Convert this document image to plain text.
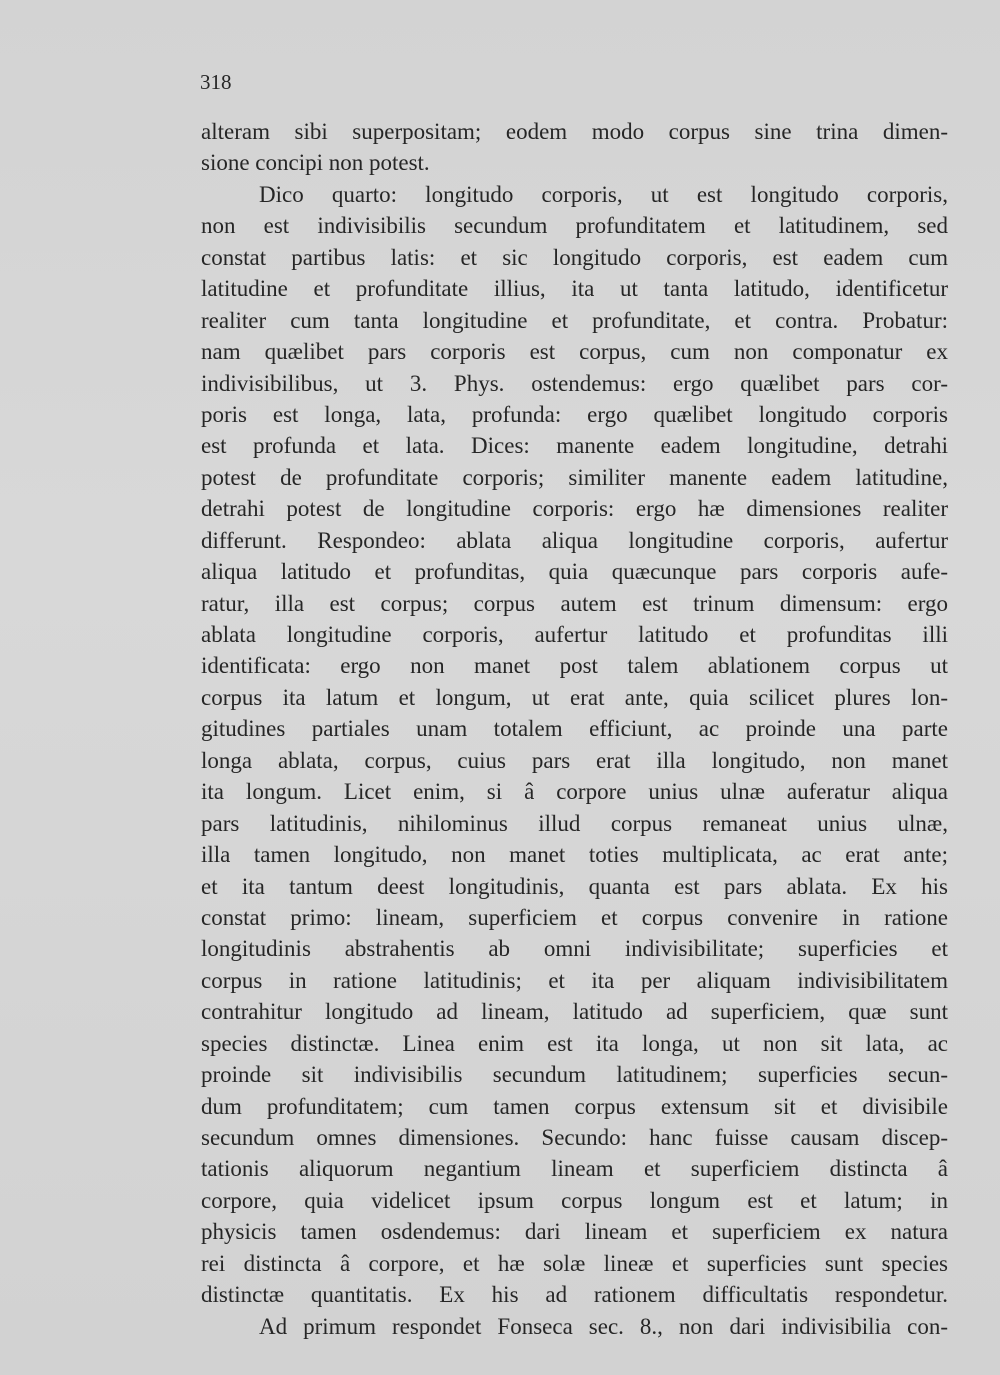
318
alteram sibi superpositam; eodem modo corpus sine trina dimen-
sione concipi non potest.
Dico quarto: longitudo corporis, ut est longitudo corporis,
non est indivisibilis secundum profunditatem et latitudinem, sed
constat partibus latis: et sic longitudo corporis, est eadem cum
latitudine et profunditate illius, ita ut tanta latitudo, identificetur
realiter cum tanta longitudine et profunditate, et contra. Probatur:
nam quælibet pars corporis est corpus, cum non componatur ex
indivisibilibus, ut 3. Phys. ostendemus: ergo quælibet pars cor-
poris est longa, lata, profunda: ergo quælibet longitudo corporis
est profunda et lata. Dices: manente eadem longitudine, detrahi
potest de profunditate corporis; similiter manente eadem latitudine,
detrahi potest de longitudine corporis: ergo hæ dimensiones realiter
differunt. Respondeo: ablata aliqua longitudine corporis, aufertur
aliqua latitudo et profunditas, quia quæcunque pars corporis aufe-
ratur, illa est corpus; corpus autem est trinum dimensum: ergo
ablata longitudine corporis, aufertur latitudo et profunditas illi
identificata: ergo non manet post talem ablationem corpus ut
corpus ita latum et longum, ut erat ante, quia scilicet plures lon-
gitudines partiales unam totalem efficiunt, ac proinde una parte
longa ablata, corpus, cuius pars erat illa longitudo, non manet
ita longum. Licet enim, si â corpore unius ulnæ auferatur aliqua
pars latitudinis, nihilominus illud corpus remaneat unius ulnæ,
illa tamen longitudo, non manet toties multiplicata, ac erat ante;
et ita tantum deest longitudinis, quanta est pars ablata. Ex his
constat primo: lineam, superficiem et corpus convenire in ratione
longitudinis abstrahentis ab omni indivisibilitate; superficies et
corpus in ratione latitudinis; et ita per aliquam indivisibilitatem
contrahitur longitudo ad lineam, latitudo ad superficiem, quæ sunt
species distinctæ. Linea enim est ita longa, ut non sit lata, ac
proinde sit indivisibilis secundum latitudinem; superficies secun-
dum profunditatem; cum tamen corpus extensum sit et divisibile
secundum omnes dimensiones. Secundo: hanc fuisse causam discep-
tationis aliquorum negantium lineam et superficiem distincta â
corpore, quia videlicet ipsum corpus longum est et latum; in
physicis tamen osdendemus: dari lineam et superficiem ex natura
rei distincta â corpore, et hæ solæ lineæ et superficies sunt species
distinctæ quantitatis. Ex his ad rationem difficultatis respondetur.
Ad primum respondet Fonseca sec. 8., non dari indivisibilia con-
